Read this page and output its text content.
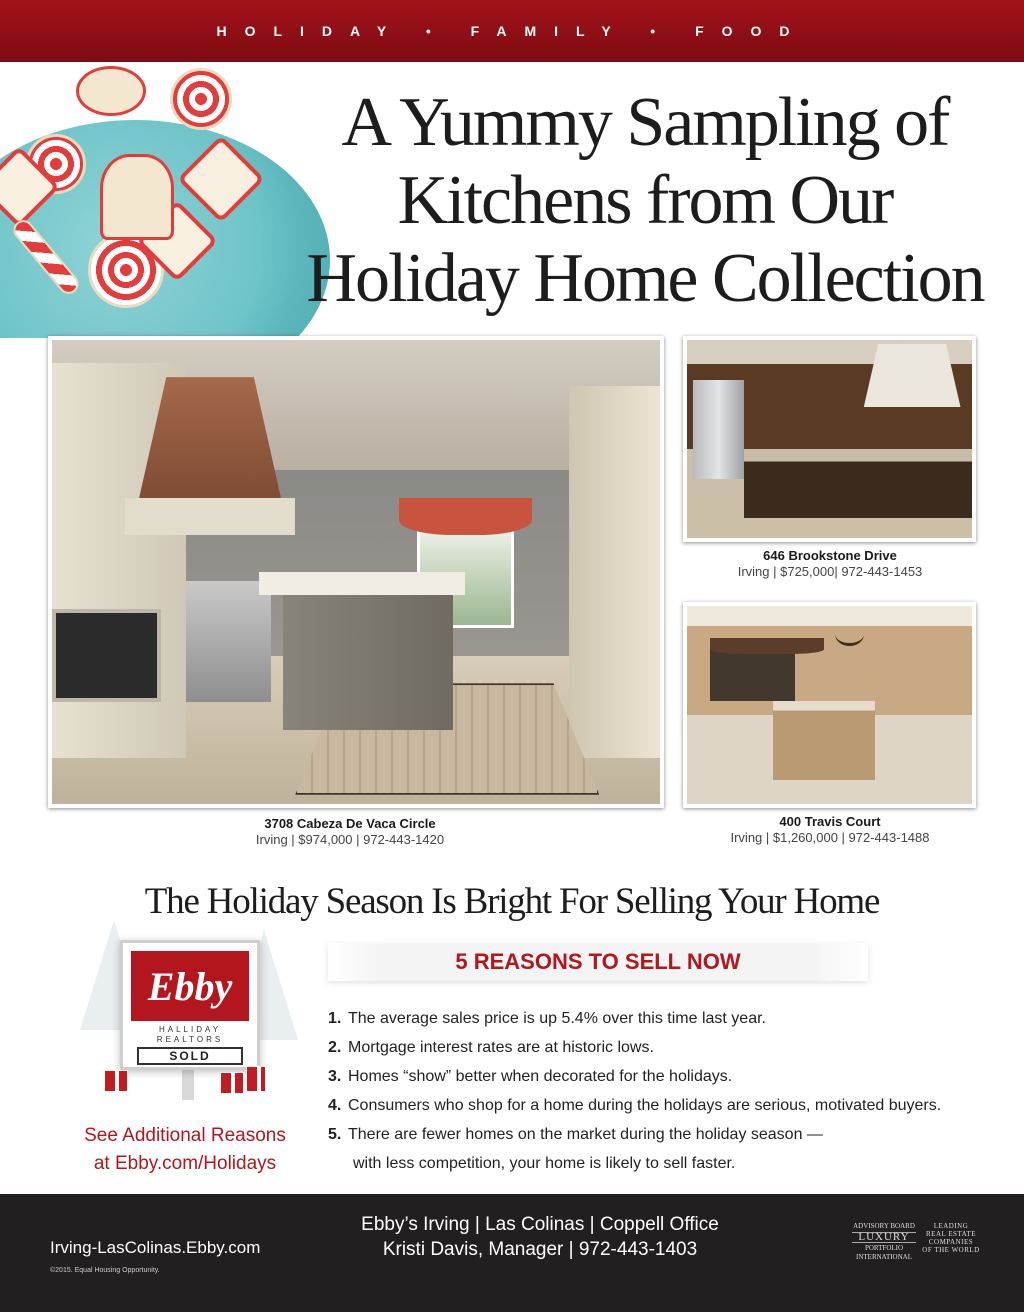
HOLIDAY • FAMILY • FOOD
A Yummy Sampling of
Kitchens from Our
Holiday Home Collection
3708 Cabeza De Vaca Circle
Irving | $974,000 | 972-443-1420
646 Brookstone Drive
Irving | $725,000| 972-443-1453
400 Travis Court
Irving | $1,260,000 | 972-443-1488
The Holiday Season Is Bright For Selling Your Home
Ebby
HALLIDAY
REALTORS
SOLD
See Additional Reasons
at Ebby.com/Holidays
5 REASONS TO SELL NOW
1. The average sales price is up 5.4% over this time last year.
2. Mortgage interest rates are at historic lows.
3. Homes “show” better when decorated for the holidays.
4. Consumers who shop for a home during the holidays are serious, motivated buyers.
5. There are fewer homes on the market during the holiday season —
with less competition, your home is likely to sell faster.
Irving-LasColinas.Ebby.com
©2015. Equal Housing Opportunity.
Ebby’s Irving | Las Colinas | Coppell Office
Kristi Davis, Manager | 972-443-1403
ADVISORY BOARD
LUXURY
PORTFOLIO
INTERNATIONAL
LEADING
REAL ESTATE
COMPANIES
OF THE WORLD
